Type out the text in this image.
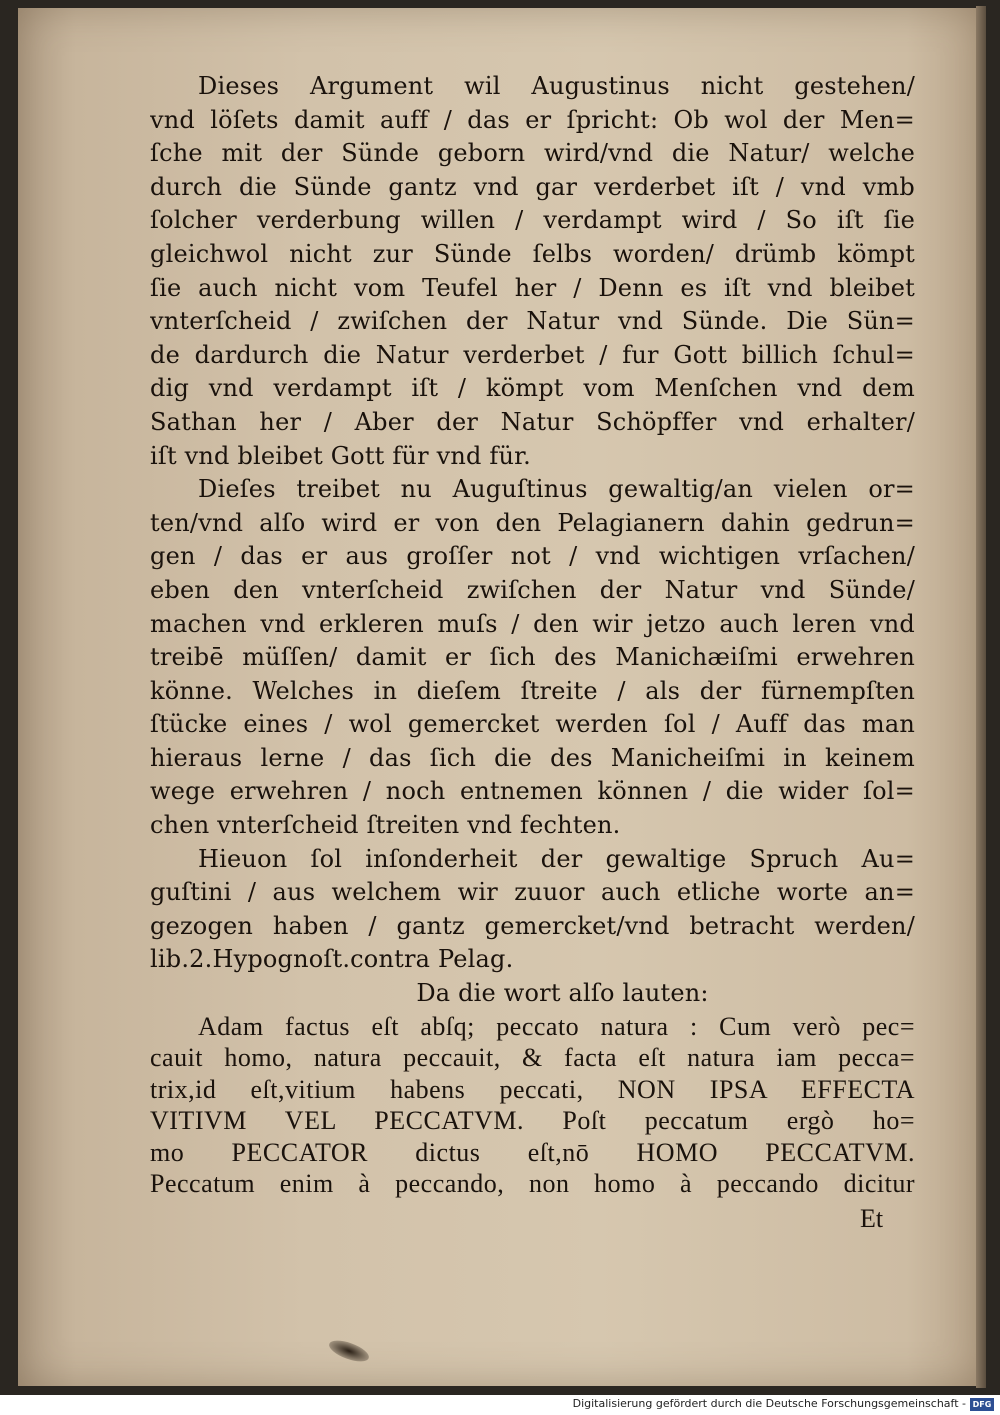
Dieses Argument wil Augustinus nicht gestehen/
vnd löſets damit auff / das er ſpricht: Ob wol der Men=
ſche mit der Sünde geborn wird/vnd die Natur/ welche
durch die Sünde gantz vnd gar verderbet iſt / vnd vmb
ſolcher verderbung willen / verdampt wird / So iſt ſie
gleichwol nicht zur Sünde ſelbs worden/ drümb kömpt
ſie auch nicht vom Teufel her / Denn es iſt vnd bleibet
vnterſcheid / zwiſchen der Natur vnd Sünde. Die Sün=
de dardurch die Natur verderbet / fur Gott billich ſchul=
dig vnd verdampt iſt / kömpt vom Menſchen vnd dem
Sathan her / Aber der Natur Schöpffer vnd erhalter/
iſt vnd bleibet Gott für vnd für.
Dieſes treibet nu Auguſtinus gewaltig/an vielen or=
ten/vnd alſo wird er von den Pelagianern dahin gedrun=
gen / das er aus groſſer not / vnd wichtigen vrſachen/
eben den vnterſcheid zwiſchen der Natur vnd Sünde/
machen vnd erkleren muſs / den wir jetzo auch leren vnd
treibē müſſen/ damit er ſich des Manichæiſmi erwehren
könne. Welches in dieſem ſtreite / als der fürnempſten
ſtücke eines / wol gemercket werden ſol / Auff das man
hieraus lerne / das ſich die des Manicheiſmi in keinem
wege erwehren / noch entnemen können / die wider ſol=
chen vnterſcheid ſtreiten vnd fechten.
Hieuon ſol inſonderheit der gewaltige Spruch Au=
guſtini / aus welchem wir zuuor auch etliche worte an=
gezogen haben / gantz gemercket/vnd betracht werden/
lib.2.Hypognoſt.contra Pelag.
Da die wort alſo lauten:
Adam factus eſt abſq; peccato natura : Cum verò pec=
cauit homo, natura peccauit, & facta eſt natura iam pecca=
trix,id eſt,vitium habens peccati, NON IPSA EFFECTA
VITIVM VEL PECCATVM. Poſt peccatum ergò ho=
mo PECCATOR dictus eſt,nō HOMO PECCATVM.
Peccatum enim à peccando, non homo à peccando dicitur
Et
Digitalisierung gefördert durch die Deutsche Forschungsgemeinschaft - DFG
